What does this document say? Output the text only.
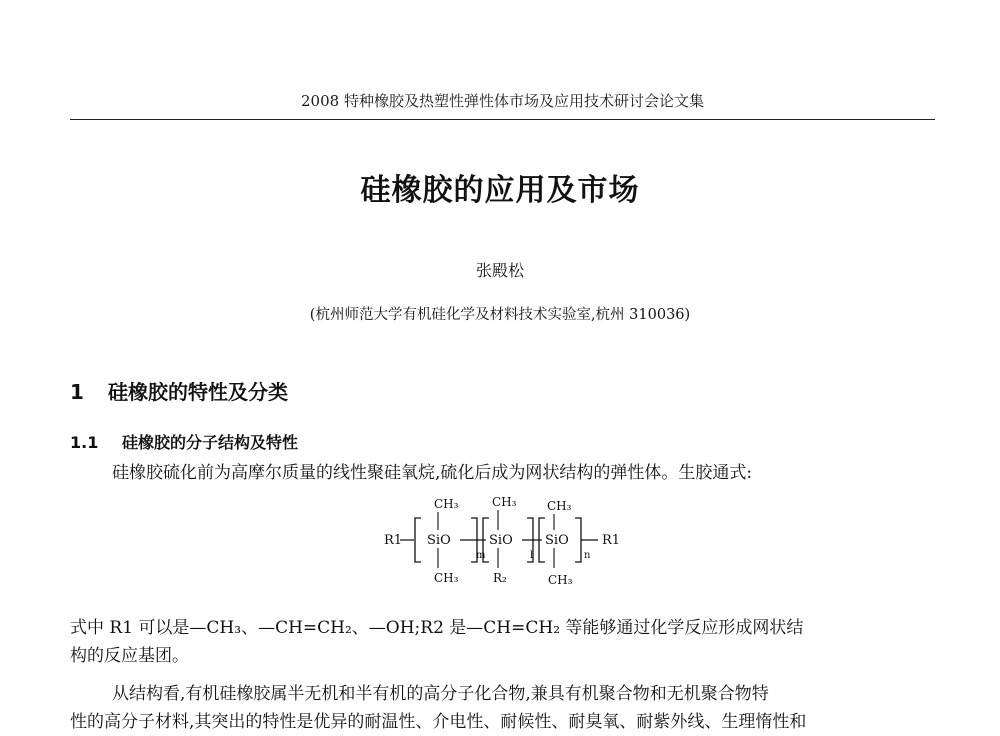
2008 特种橡胶及热塑性弹性体市场及应用技术研讨会论文集
硅橡胶的应用及市场
张殿松
(杭州师范大学有机硅化学及材料技术实验室,杭州 310036)
1 硅橡胶的特性及分类
1.1 硅橡胶的分子结构及特性
硅橡胶硫化前为高摩尔质量的线性聚硅氧烷,硫化后成为网状结构的弹性体。生胶通式:
R1
CH₃
SiO
CH₃
m
CH₃
SiO
R₂
l
CH₃
SiO
CH₃
n
R1
式中 R1 可以是—CH₃、—CH=CH₂、—OH;R2 是—CH=CH₂ 等能够通过化学反应形成网状结
构的反应基团。
从结构看,有机硅橡胶属半无机和半有机的高分子化合物,兼具有机聚合物和无机聚合物特
性的高分子材料,其突出的特性是优异的耐温性、介电性、耐候性、耐臭氧、耐紫外线、生理惰性和
